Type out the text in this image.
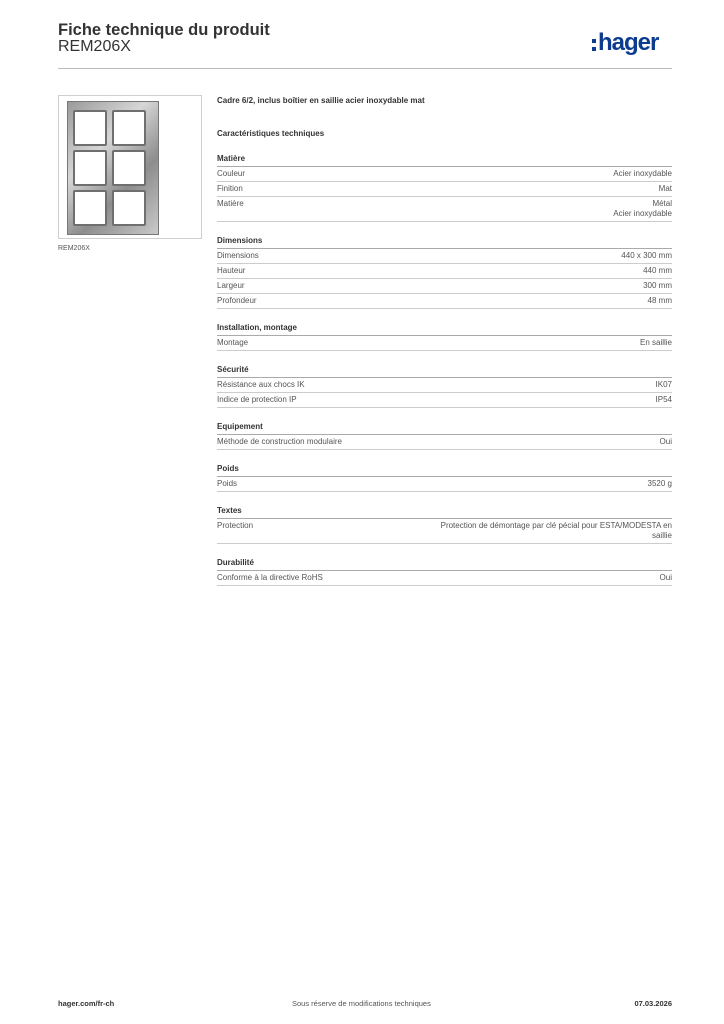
Fiche technique du produit
REM206X	hager
REM206X
Cadre 6/2, inclus boîtier en saillie acier inoxydable mat
Caractéristiques techniques
Matière
Couleur	Acier inoxydable
Finition	Mat
Matière	Métal
Acier inoxydable
Dimensions
Dimensions	440 x 300 mm
Hauteur	440 mm
Largeur	300 mm
Profondeur	48 mm
Installation, montage
Montage	En saillie
Sécurité
Résistance aux chocs IK	IK07
Indice de protection IP	IP54
Equipement
Méthode de construction modulaire	Oui
Poids
Poids	3520 g
Textes
Protection	Protection de démontage par clé pécial pour ESTA/MODESTA en
saillie
Durabilité
Conforme à la directive RoHS	Oui
hager.com/fr-ch	Sous réserve de modifications techniques	07.03.2026
